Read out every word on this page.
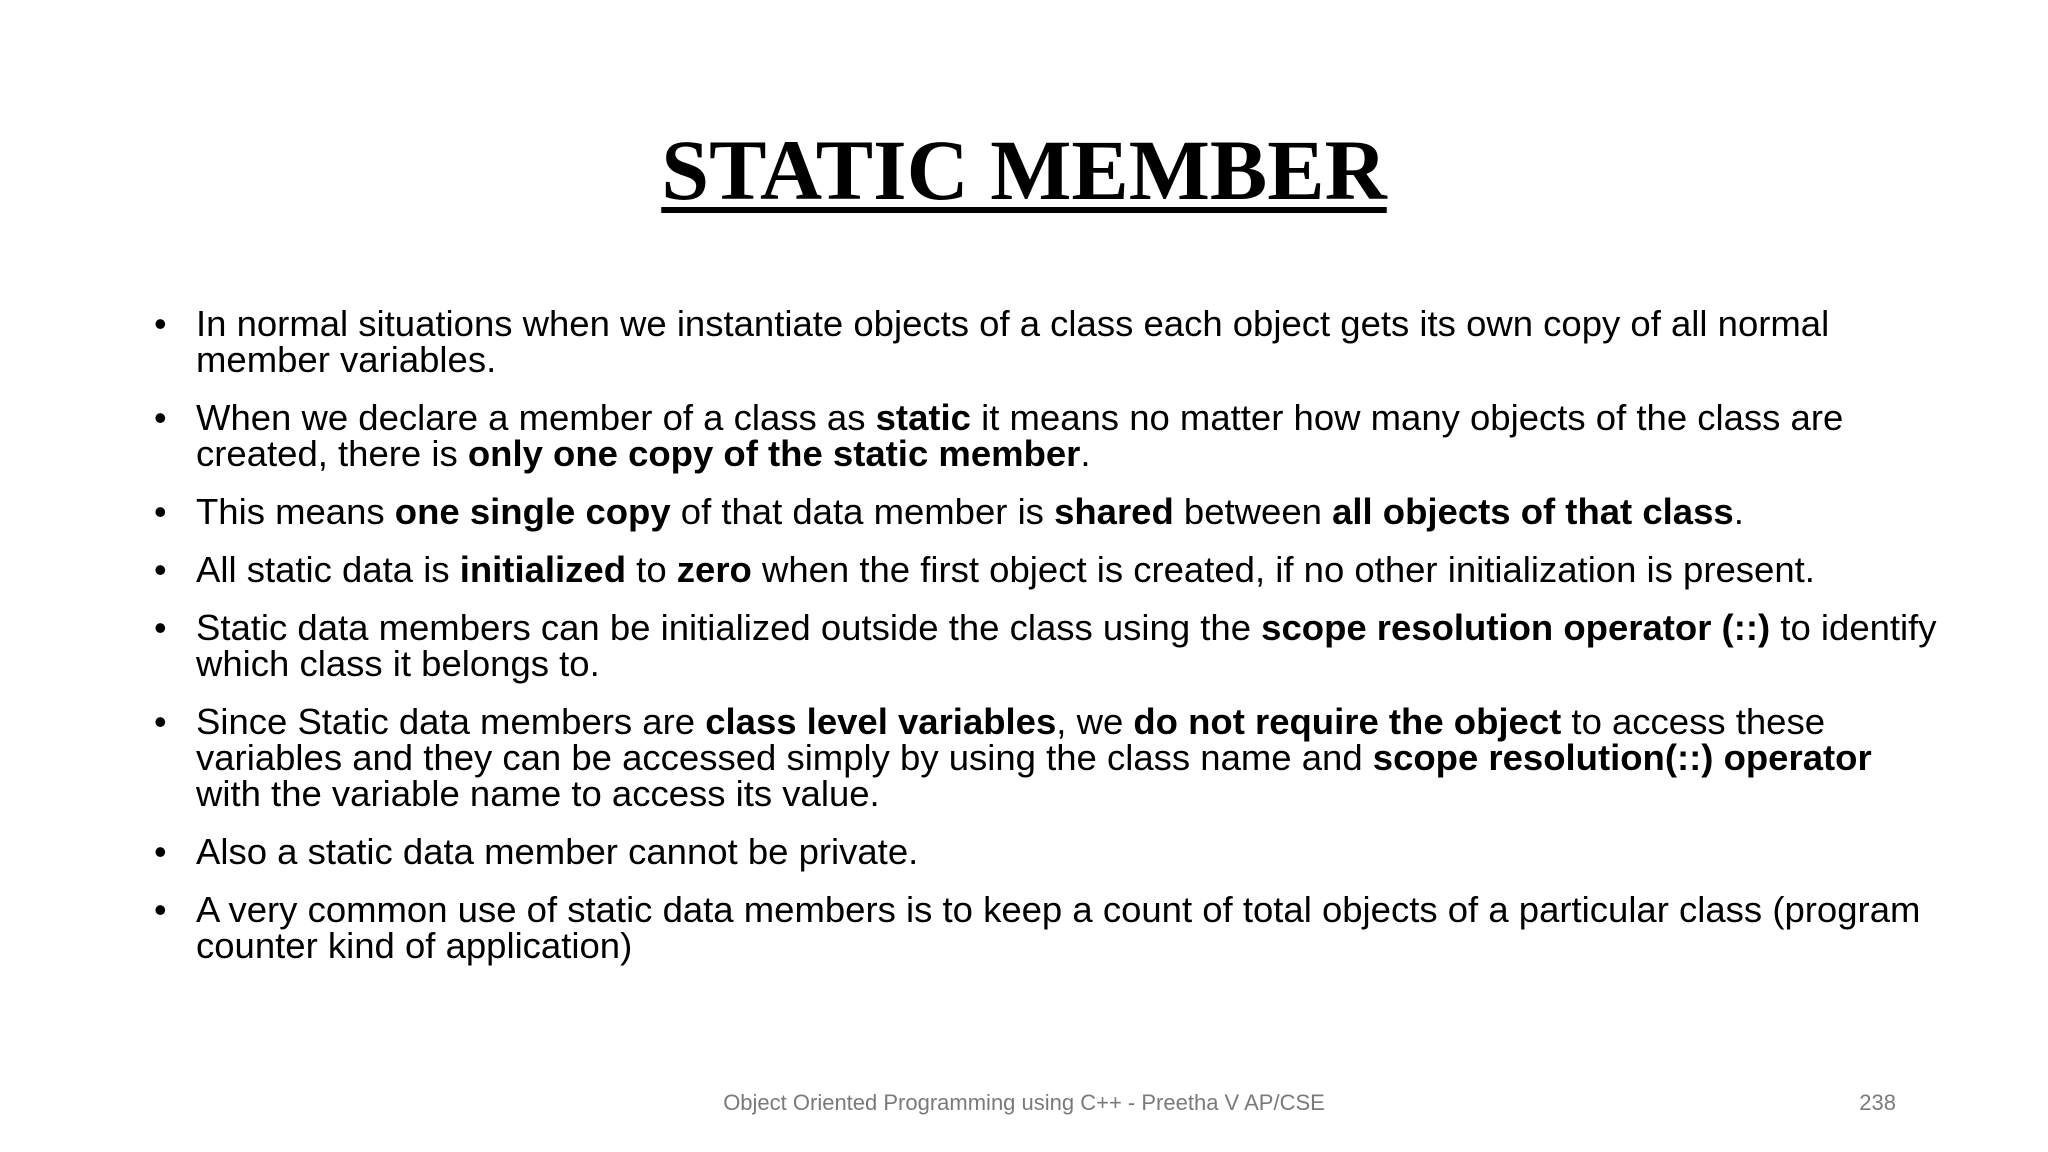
STATIC MEMBER
• In normal situations when we instantiate objects of a class each object gets its own copy of all normal member variables.
• When we declare a member of a class as static it means no matter how many objects of the class are created, there is only one copy of the static member.
• This means one single copy of that data member is shared between all objects of that class.
• All static data is initialized to zero when the first object is created, if no other initialization is present.
• Static data members can be initialized outside the class using the scope resolution operator (::) to identify which class it belongs to.
• Since Static data members are class level variables, we do not require the object to access these variables and they can be accessed simply by using the class name and scope resolution(::) operator with the variable name to access its value.
• Also a static data member cannot be private.
• A very common use of static data members is to keep a count of total objects of a particular class (program counter kind of application)
Object Oriented Programming using C++ - Preetha V AP/CSE	238
